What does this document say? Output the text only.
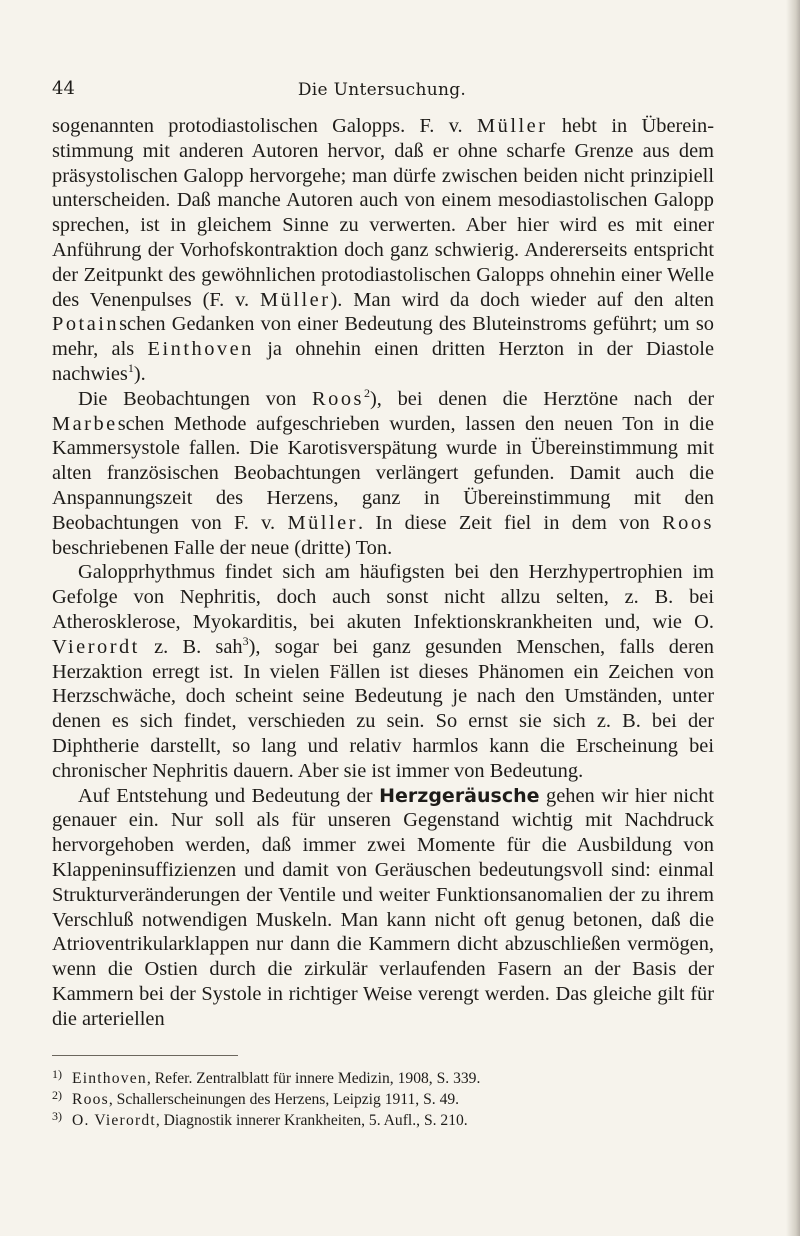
44	Die Untersuchung.

sogenannten protodiastolischen Galopps. F. v. Müller hebt in Übereinstimmung mit anderen Autoren hervor, daß er ohne scharfe Grenze aus dem präsystolischen Galopp hervorgehe; man dürfe zwischen beiden nicht prinzipiell unterscheiden. Daß manche Autoren auch von einem mesodiastolischen Galopp sprechen, ist in gleichem Sinne zu verwerten. Aber hier wird es mit einer Anführung der Vorhofskontraktion doch ganz schwierig. Andererseits entspricht der Zeitpunkt des gewöhnlichen protodiastolischen Galopps ohnehin einer Welle des Venenpulses (F. v. Müller). Man wird da doch wieder auf den alten Potainschen Gedanken von einer Bedeutung des Bluteinstroms geführt; um so mehr, als Einthoven ja ohnehin einen dritten Herzton in der Diastole nachwies$^1$).

Die Beobachtungen von Roos$^2$), bei denen die Herztöne nach der Marbeschen Methode aufgeschrieben wurden, lassen den neuen Ton in die Kammersystole fallen. Die Karotisverspätung wurde in Übereinstimmung mit alten französischen Beobachtungen verlängert gefunden. Damit auch die Anspannungszeit des Herzens, ganz in Übereinstimmung mit den Beobachtungen von F. v. Müller. In diese Zeit fiel in dem von Roos beschriebenen Falle der neue (dritte) Ton.

Galopprhythmus findet sich am häufigsten bei den Herzhypertrophien im Gefolge von Nephritis, doch auch sonst nicht allzu selten, z. B. bei Atherosklerose, Myokarditis, bei akuten Infektionskrankheiten und, wie O. Vierordt z. B. sah$^3$), sogar bei ganz gesunden Menschen, falls deren Herzaktion erregt ist. In vielen Fällen ist dieses Phänomen ein Zeichen von Herzschwäche, doch scheint seine Bedeutung je nach den Umständen, unter denen es sich findet, verschieden zu sein. So ernst sie sich z. B. bei der Diphtherie darstellt, so lang und relativ harmlos kann die Erscheinung bei chronischer Nephritis dauern. Aber sie ist immer von Bedeutung.

Auf Entstehung und Bedeutung der Herzgeräusche gehen wir hier nicht genauer ein. Nur soll als für unseren Gegenstand wichtig mit Nachdruck hervorgehoben werden, daß immer zwei Momente für die Ausbildung von Klappeninsuffizienzen und damit von Geräuschen bedeutungsvoll sind: einmal Strukturveränderungen der Ventile und weiter Funktionsanomalien der zu ihrem Verschluß notwendigen Muskeln. Man kann nicht oft genug betonen, daß die Atrioventrikularklappen nur dann die Kammern dicht abzuschließen vermögen, wenn die Ostien durch die zirkulär verlaufenden Fasern an der Basis der Kammern bei der Systole in richtiger Weise verengt werden. Das gleiche gilt für die arteriellen

1) Einthoven, Refer. Zentralblatt für innere Medizin, 1908, S. 339.
2) Roos, Schallerscheinungen des Herzens, Leipzig 1911, S. 49.
3) O. Vierordt, Diagnostik innerer Krankheiten, 5. Aufl., S. 210.
